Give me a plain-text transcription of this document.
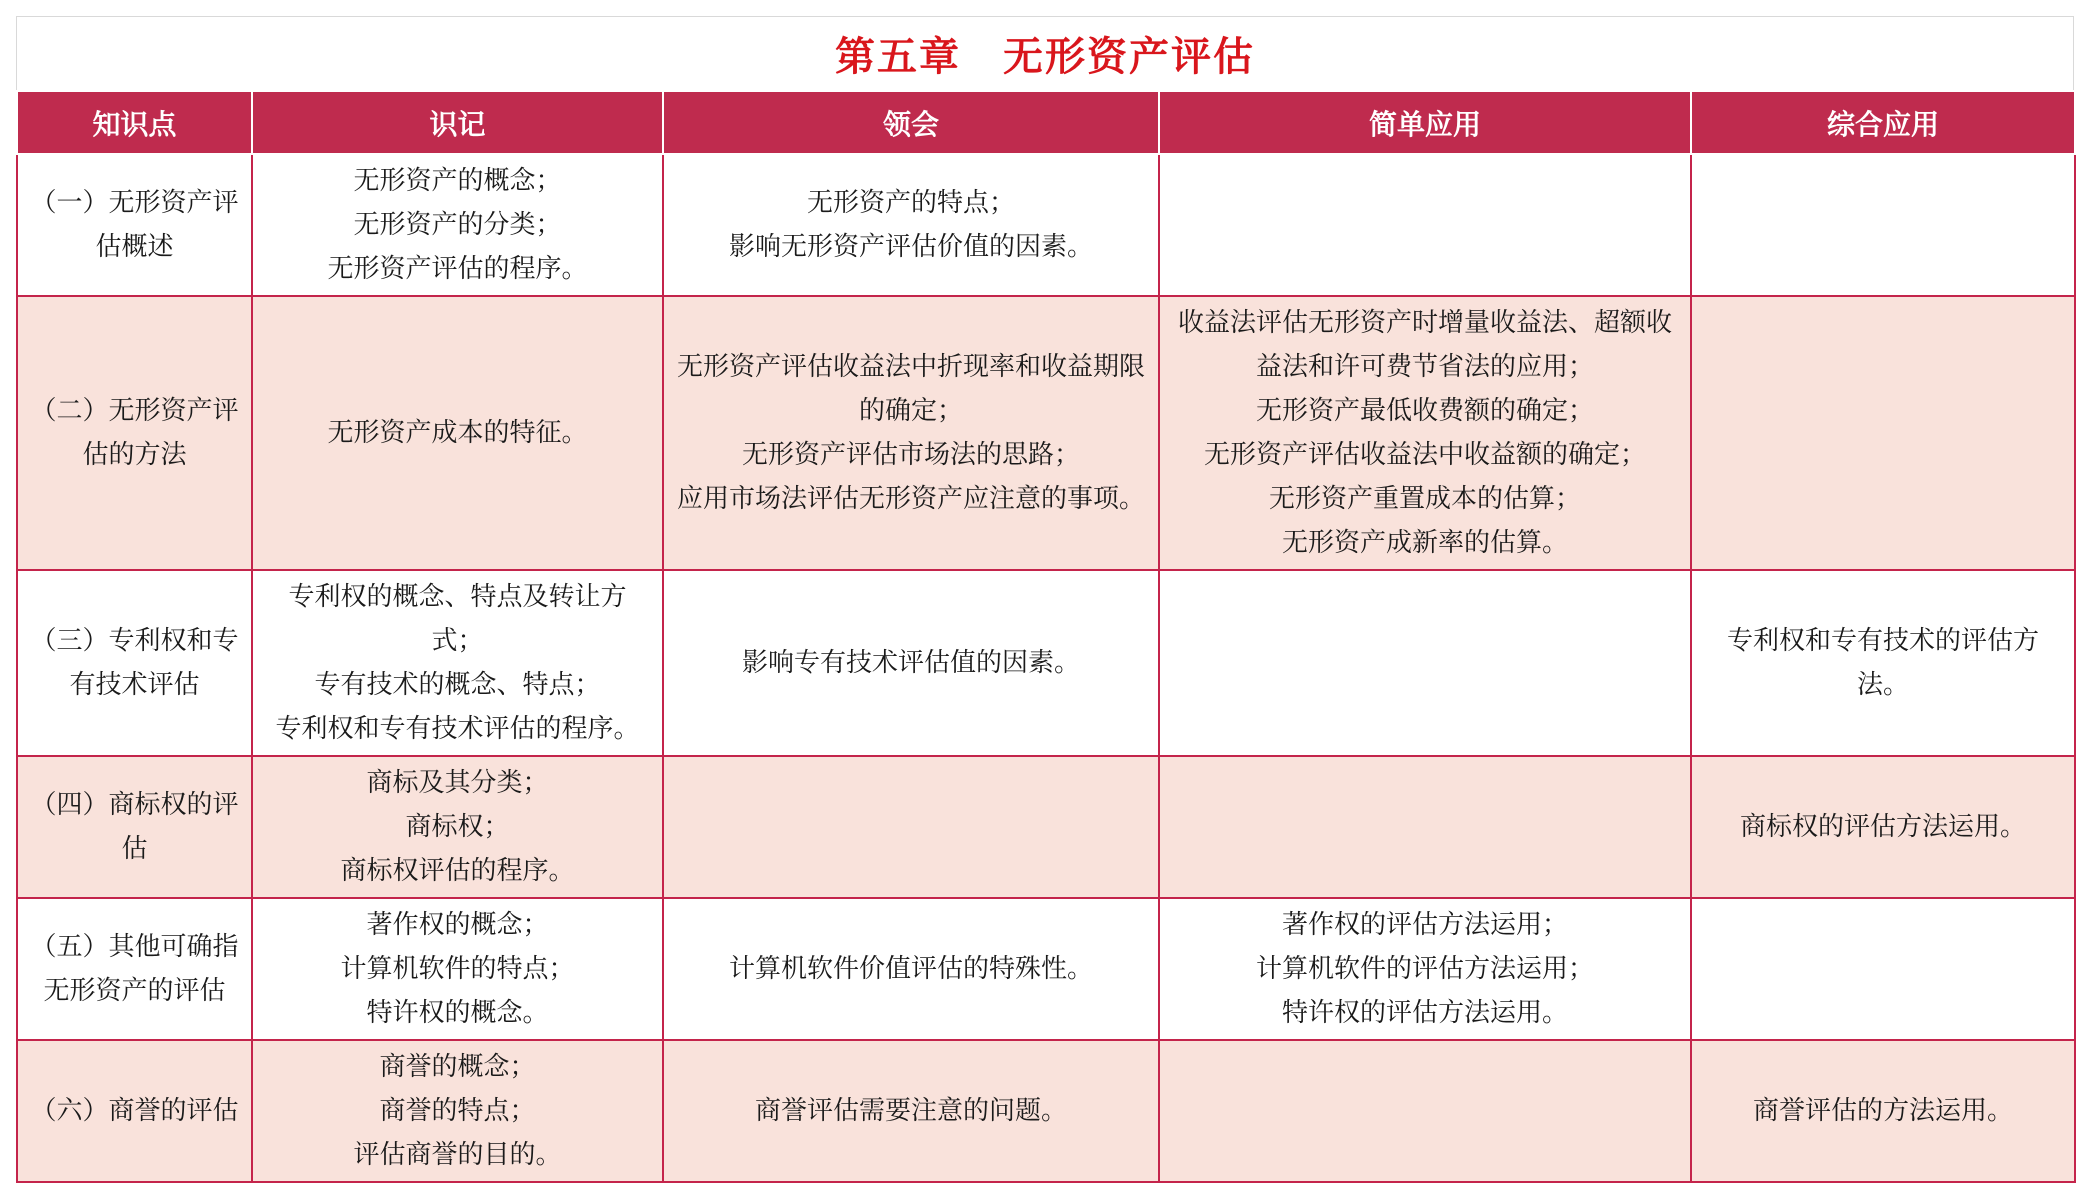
第五章　无形资产评估
知识点	识记	领会	简单应用	综合应用
（一）无形资产评估概述	无形资产的概念；
无形资产的分类；
无形资产评估的程序。	无形资产的特点；
影响无形资产评估价值的因素。		
（二）无形资产评估的方法	无形资产成本的特征。	无形资产评估收益法中折现率和收益期限的确定；
无形资产评估市场法的思路；
应用市场法评估无形资产应注意的事项。	收益法评估无形资产时增量收益法、超额收益法和许可费节省法的应用；
无形资产最低收费额的确定；
无形资产评估收益法中收益额的确定；
无形资产重置成本的估算；
无形资产成新率的估算。	
（三）专利权和专有技术评估	专利权的概念、特点及转让方式；
专有技术的概念、特点；
专利权和专有技术评估的程序。	影响专有技术评估值的因素。		专利权和专有技术的评估方法。
（四）商标权的评估	商标及其分类；
商标权；
商标权评估的程序。			商标权的评估方法运用。
（五）其他可确指无形资产的评估	著作权的概念；
计算机软件的特点；
特许权的概念。	计算机软件价值评估的特殊性。	著作权的评估方法运用；
计算机软件的评估方法运用；
特许权的评估方法运用。	
（六）商誉的评估	商誉的概念；
商誉的特点；
评估商誉的目的。	商誉评估需要注意的问题。		商誉评估的方法运用。
